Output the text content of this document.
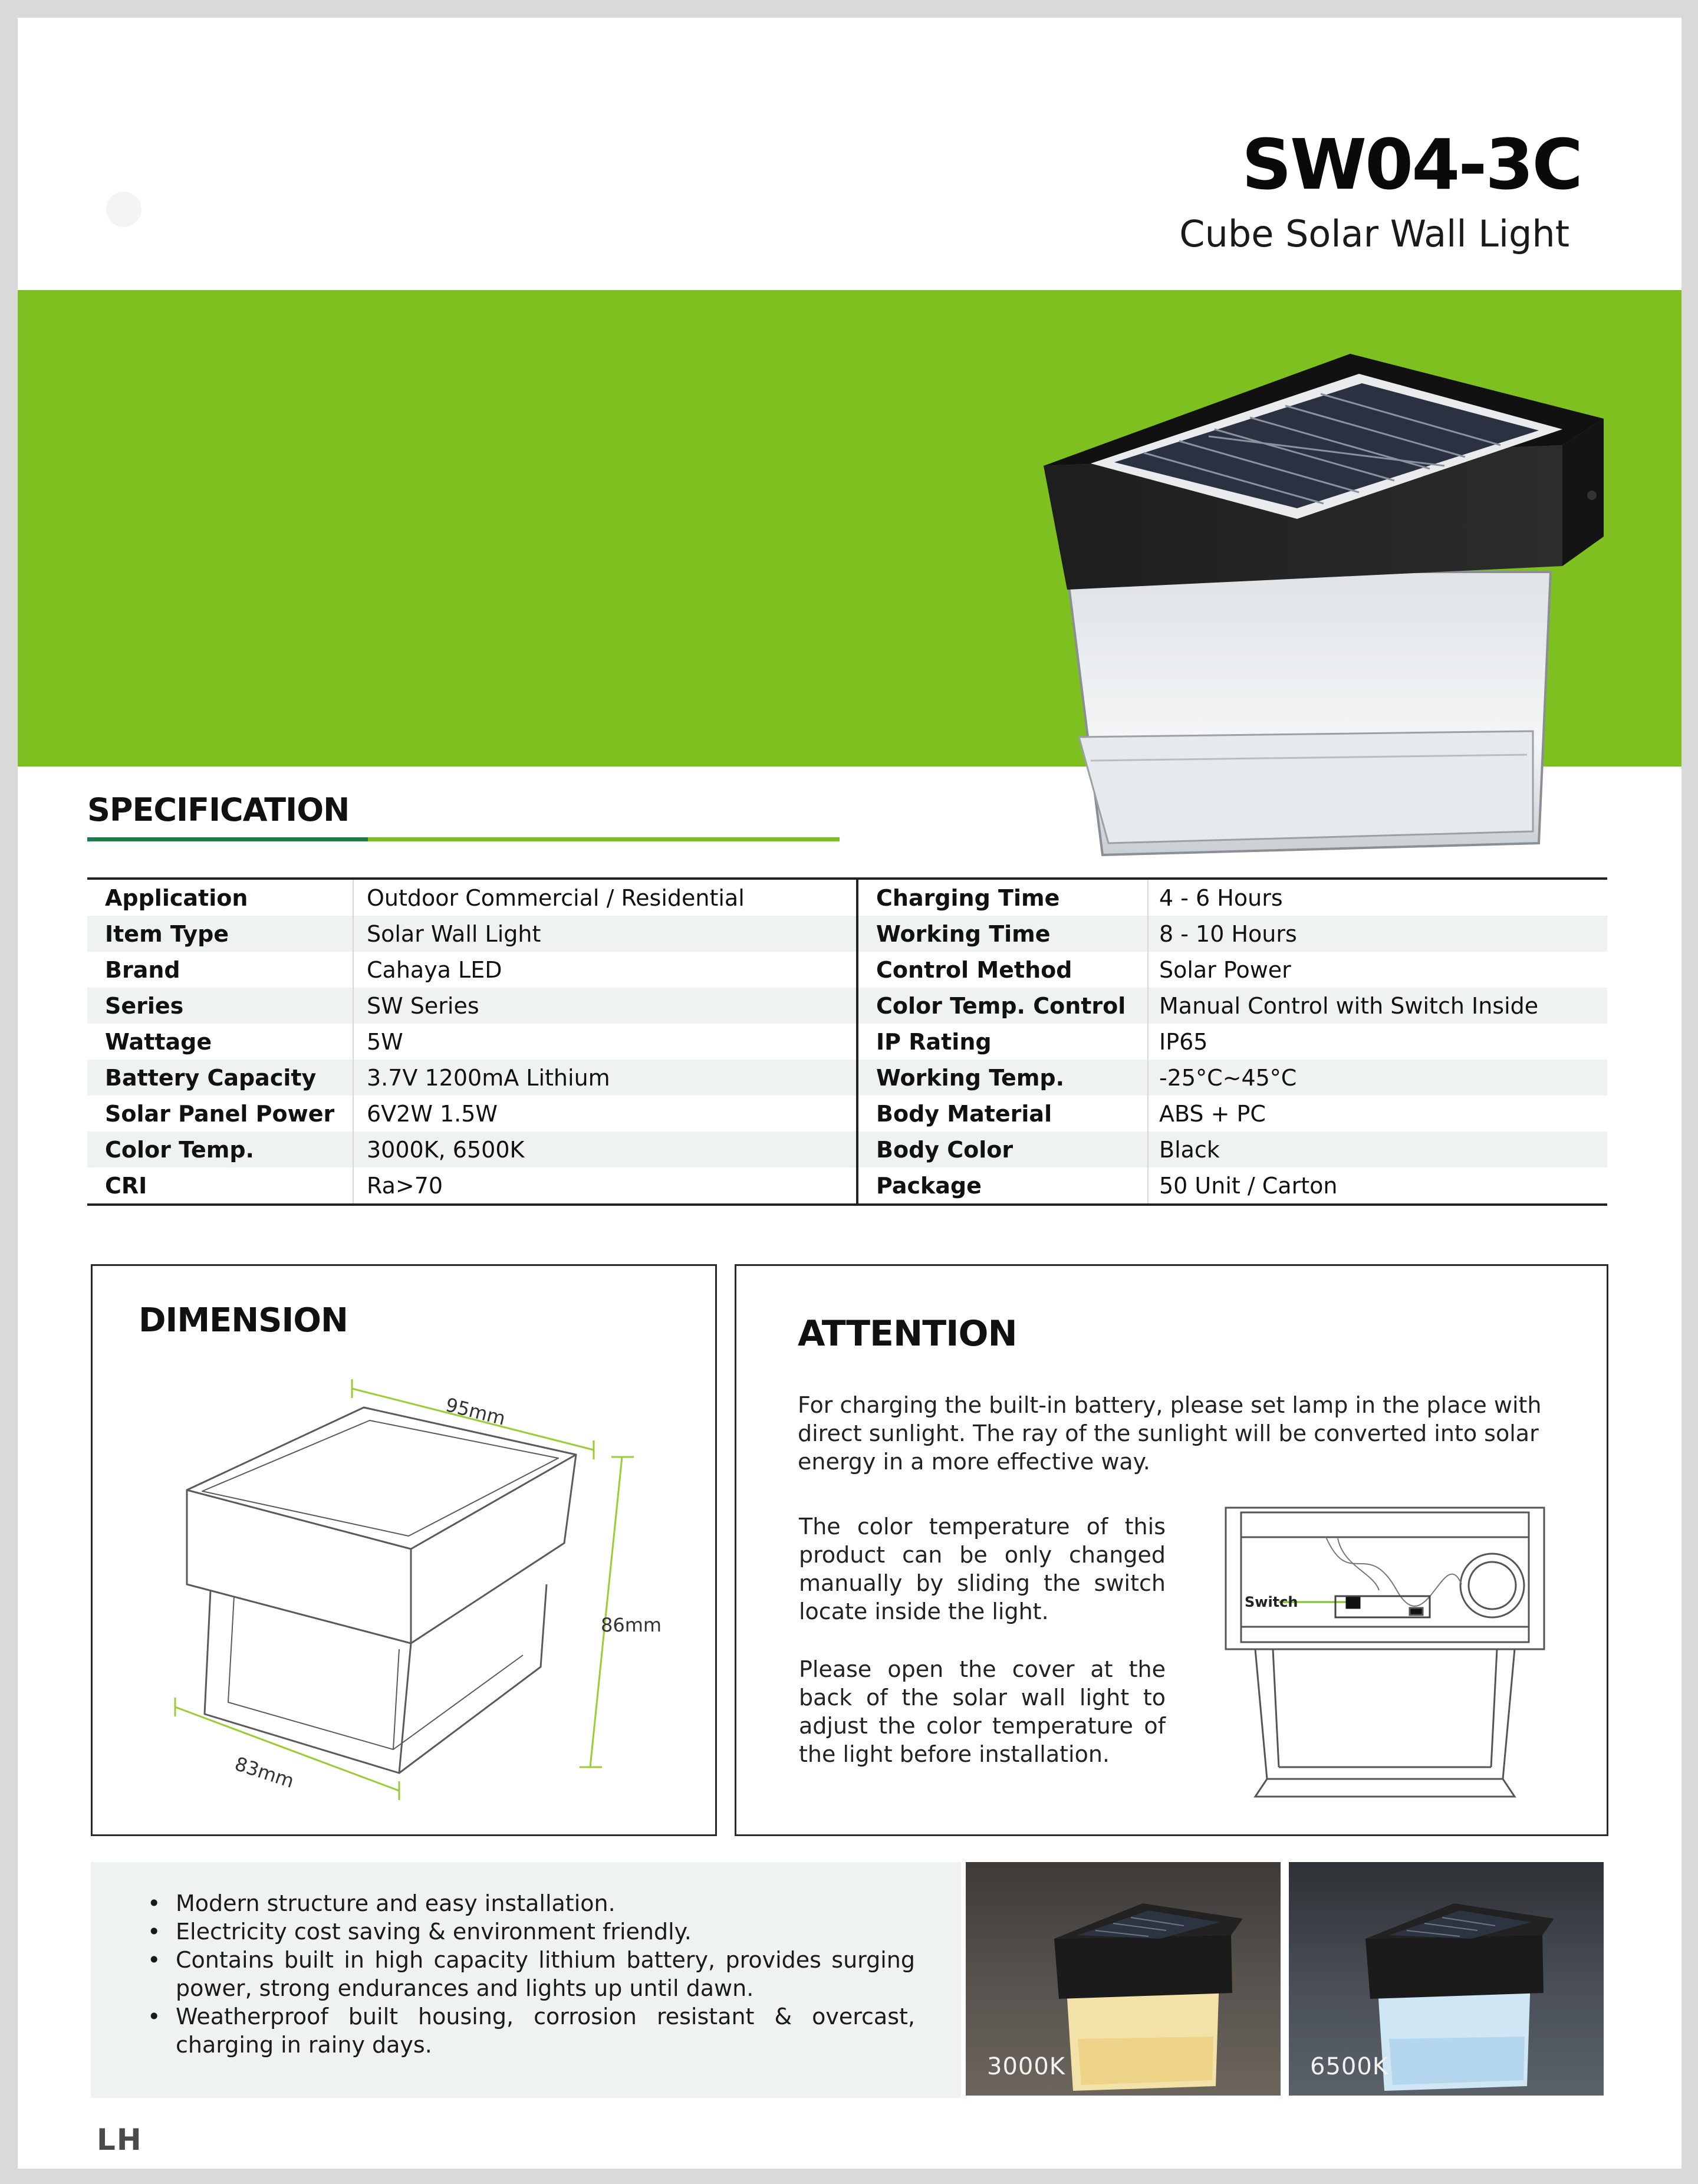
SW04-3C
Cube Solar Wall Light
SPECIFICATION
Application	Outdoor Commercial / Residential	Charging Time	4 - 6 Hours
Item Type	Solar Wall Light	Working Time	8 - 10 Hours
Brand	Cahaya LED	Control Method	Solar Power
Series	SW Series	Color Temp. Control	Manual Control with Switch Inside
Wattage	5W	IP Rating	IP65
Battery Capacity	3.7V 1200mA Lithium	Working Temp.	-25°C~45°C
Solar Panel Power	6V2W 1.5W	Body Material	ABS + PC
Color Temp.	3000K, 6500K	Body Color	Black
CRI	Ra>70	Package	50 Unit / Carton
DIMENSION
95mm
86mm
83mm
ATTENTION
For charging the built-in battery, please set lamp in the place with direct sunlight. The ray of the sunlight will be converted into solar energy in a more effective way.
The color temperature of this product can be only changed manually by sliding the switch locate inside the light.
Please open the cover at the back of the solar wall light to adjust the color temperature of the light before installation.
Switch
• Modern structure and easy installation.
• Electricity cost saving & environment friendly.
• Contains built in high capacity lithium battery, provides surging power, strong endurances and lights up until dawn.
• Weatherproof built housing, corrosion resistant & overcast, charging in rainy days.
3000K	6500K
LH
